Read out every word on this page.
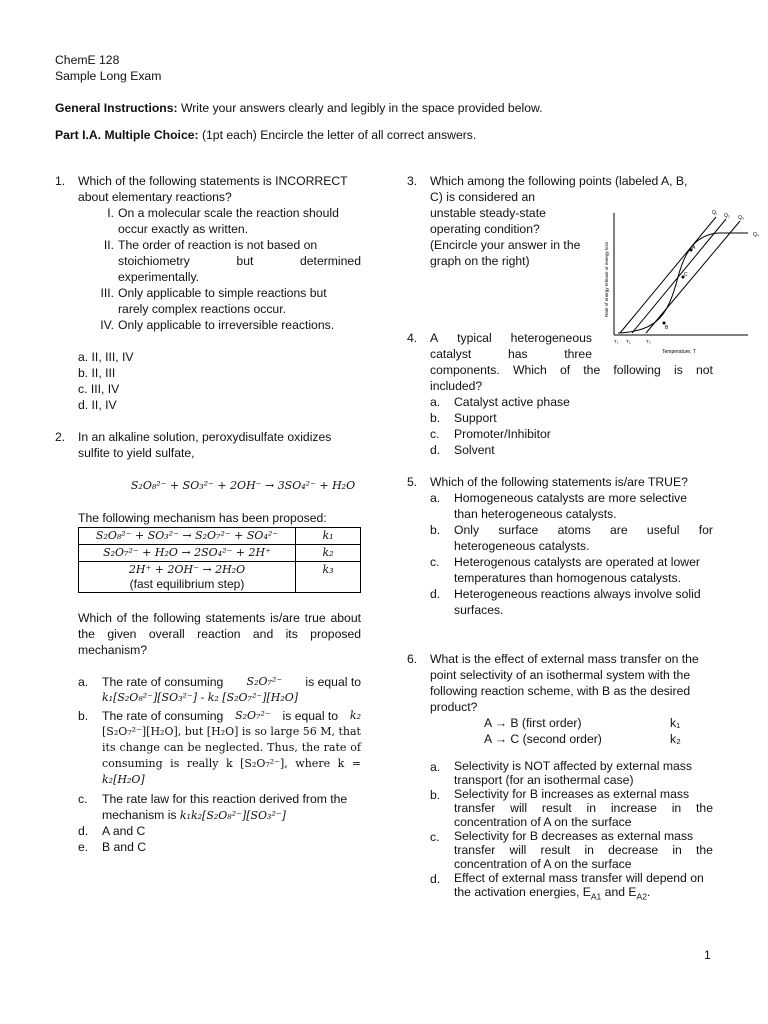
ChemE 128
Sample Long Exam
General Instructions: Write your answers clearly and legibly in the space provided below.
Part I.A. Multiple Choice: (1pt each) Encircle the letter of all correct answers.
1. Which of the following statements is INCORRECT
about elementary reactions?
I. On a molecular scale the reaction should
occur exactly as written.
II. The order of reaction is not based on
stoichiometry	but	determined
experimentally.
III. Only applicable to simple reactions but
rarely complex reactions occur.
IV. Only applicable to irreversible reactions.
a. II, III, IV
b. II, III
c. III, IV
d. II, IV
2. In an alkaline solution, peroxydisulfate oxidizes
sulfite to yield sulfate,
S₂O₈²⁻ + SO₃²⁻ + 2OH⁻ → 3SO₄²⁻ + H₂O
The following mechanism has been proposed:
S₂O₈²⁻ + SO₃²⁻ → S₂O₇²⁻ + SO₄²⁻	k₁
S₂O₇²⁻ + H₂O → 2SO₄²⁻ + 2H⁺	k₂

2H⁺ + 2OH⁻ → 2H₂O
(fast equilibrium step)	k₃
Which of the following statements is/are true about
the given overall reaction and its proposed
mechanism?
a. The rate of consuming S₂O₇²⁻ is equal to
k₁[S₂O₈²⁻][SO₃²⁻] - k₂ [S₂O₇²⁻][H₂O]
b. The rate of consuming S₂O₇²⁻ is equal to k₂
[S₂O₇²⁻][H₂O], but [H₂O] is so large 56 M, that
its change can be neglected. Thus, the rate of
consuming is really k [S₂O₇²⁻], where k =
k₂[H₂O]
c. The rate law for this reaction derived from the
mechanism is k₁k₂[S₂O₈²⁻][SO₃²⁻]
d. A and C
e. B and C
3. Which among the following points (labeled A, B,
C) is considered an
unstable steady-state
operating condition?
(Encircle your answer in the
graph on the right)
Q₁ Q₂ Q₃
Q₄
A
B
C
T₁ T₂	T₃
Temperature, T
Rate of energy release or energy loss
4. A typical heterogeneous
catalyst	has	three
components. Which of the following is not
included?
a. Catalyst active phase
b. Support
c. Promoter/Inhibitor
d. Solvent
5. Which of the following statements is/are TRUE?
a. Homogeneous catalysts are more selective
than heterogeneous catalysts.
b. Only surface atoms are useful for
heterogeneous catalysts.
c. Heterogenous catalysts are operated at lower
temperatures than homogenous catalysts.
d. Heterogeneous reactions always involve solid
surfaces.
6. What is the effect of external mass transfer on the
point selectivity of an isothermal system with the
following reaction scheme, with B as the desired
product?
A → B (first order)	k₁
A → C (second order)	k₂
a. Selectivity is NOT affected by external mass
transport (for an isothermal case)
b. Selectivity for B increases as external mass
transfer will result in increase in the
concentration of A on the surface
c. Selectivity for B decreases as external mass
transfer will result in decrease in the
concentration of A on the surface
d. Effect of external mass transfer will depend on
the activation energies, $E_{A1}$ and $E_{A2}$.
1
